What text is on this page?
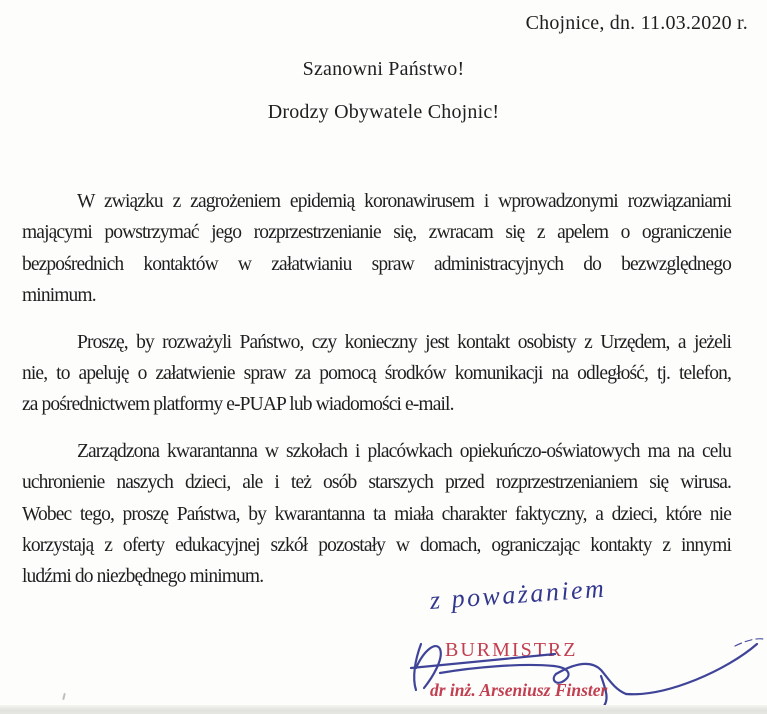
Chojnice, dn. 11.03.2020 r.
Szanowni Państwo!
Drodzy Obywatele Chojnic!
W związku z zagrożeniem epidemią koronawirusem i wprowadzonymi rozwiązaniami
mającymi powstrzymać jego rozprzestrzenianie się, zwracam się z apelem o ograniczenie
bezpośrednich kontaktów w załatwianiu spraw administracyjnych do bezwzględnego
minimum.
Proszę, by rozważyli Państwo, czy konieczny jest kontakt osobisty z Urzędem, a jeżeli
nie, to apeluję o załatwienie spraw za pomocą środków komunikacji na odległość, tj. telefon,
za pośrednictwem platformy e-PUAP lub wiadomości e-mail.
Zarządzona kwarantanna w szkołach i placówkach opiekuńczo-oświatowych ma na celu
uchronienie naszych dzieci, ale i też osób starszych przed rozprzestrzenianiem się wirusa.
Wobec tego, proszę Państwa, by kwarantanna ta miała charakter faktyczny, a dzieci, które nie
korzystają z oferty edukacyjnej szkół pozostały w domach, ograniczając kontakty z innymi
ludźmi do niezbędnego minimum.	z poważaniem
BURMISTRZ
dr inż. Arseniusz Finster
